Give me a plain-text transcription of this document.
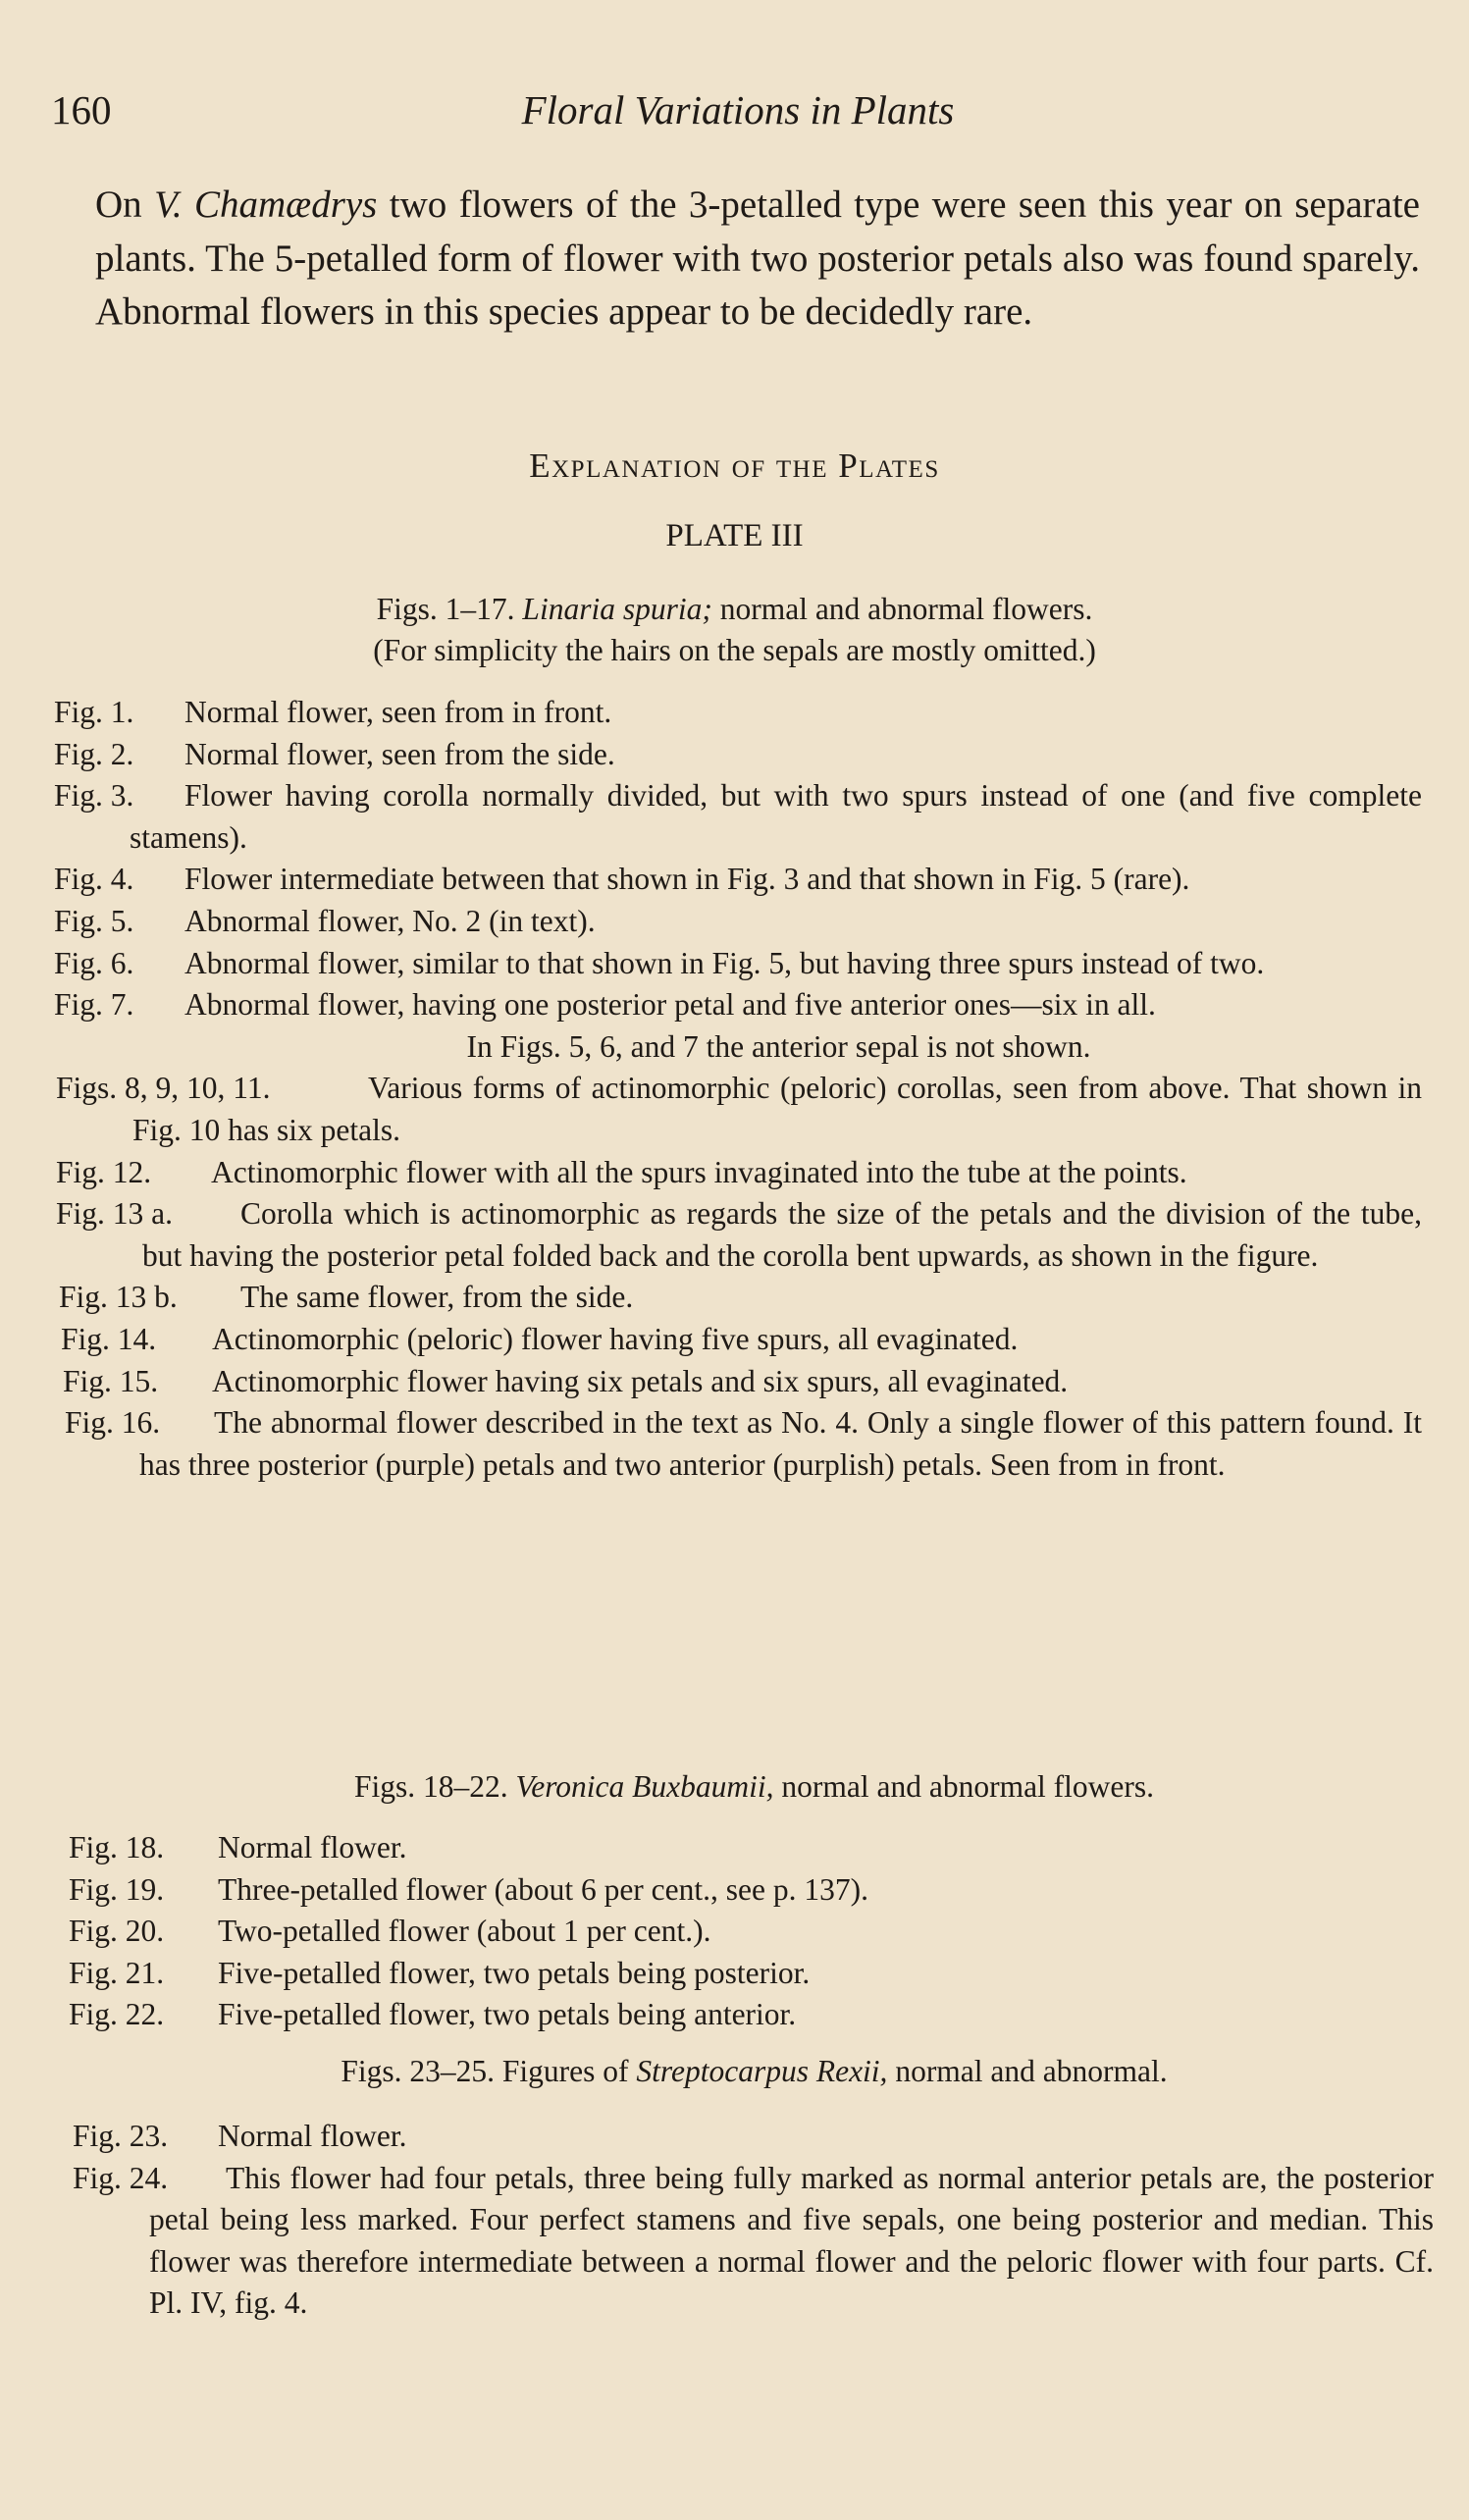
160	Floral Variations in Plants
On V. Chamædrys two flowers of the 3-petalled type were seen this year on separate plants. The 5-petalled form of flower with two posterior petals also was found sparely. Abnormal flowers in this species appear to be decidedly rare.
Explanation of the Plates
PLATE III
Figs. 1–17. Linaria spuria; normal and abnormal flowers.
(For simplicity the hairs on the sepals are mostly omitted.)
Fig. 1. Normal flower, seen from in front.
Fig. 2. Normal flower, seen from the side.
Fig. 3.	Flower having corolla normally divided, but with two spurs instead of one (and five complete stamens).
Fig. 4.	Flower intermediate between that shown in Fig. 3 and that shown in Fig. 5 (rare).
Fig. 5. Abnormal flower, No. 2 (in text).
Fig. 6.	Abnormal flower, similar to that shown in Fig. 5, but having three spurs instead of two.
Fig. 7.	Abnormal flower, having one posterior petal and five anterior ones—six in all.
In Figs. 5, 6, and 7 the anterior sepal is not shown.
Figs. 8, 9, 10, 11.	Various forms of actinomorphic (peloric) corollas, seen from above. That shown in Fig. 10 has six petals.
Fig. 12.	Actinomorphic flower with all the spurs invaginated into the tube at the points.
Fig. 13 a.	Corolla which is actinomorphic as regards the size of the petals and the division of the tube, but having the posterior petal folded back and the corolla bent upwards, as shown in the figure.
Fig. 13 b. The same flower, from the side.
Fig. 14. Actinomorphic (peloric) flower having five spurs, all evaginated.
Fig. 15. Actinomorphic flower having six petals and six spurs, all evaginated.
Fig. 16.	The abnormal flower described in the text as No. 4. Only a single flower of this pattern found. It has three posterior (purple) petals and two anterior (purplish) petals. Seen from in front.
Figs. 18–22. Veronica Buxbaumii, normal and abnormal flowers.
Fig. 18. Normal flower.
Fig. 19. Three-petalled flower (about 6 per cent., see p. 137).
Fig. 20. Two-petalled flower (about 1 per cent.).
Fig. 21. Five-petalled flower, two petals being posterior.
Fig. 22. Five-petalled flower, two petals being anterior.
Figs. 23–25. Figures of Streptocarpus Rexii, normal and abnormal.
Fig. 23. Normal flower.
Fig. 24.	This flower had four petals, three being fully marked as normal anterior petals are, the posterior petal being less marked. Four perfect stamens and five sepals, one being posterior and median. This flower was therefore intermediate between a normal flower and the peloric flower with four parts. Cf. Pl. IV, fig. 4.
